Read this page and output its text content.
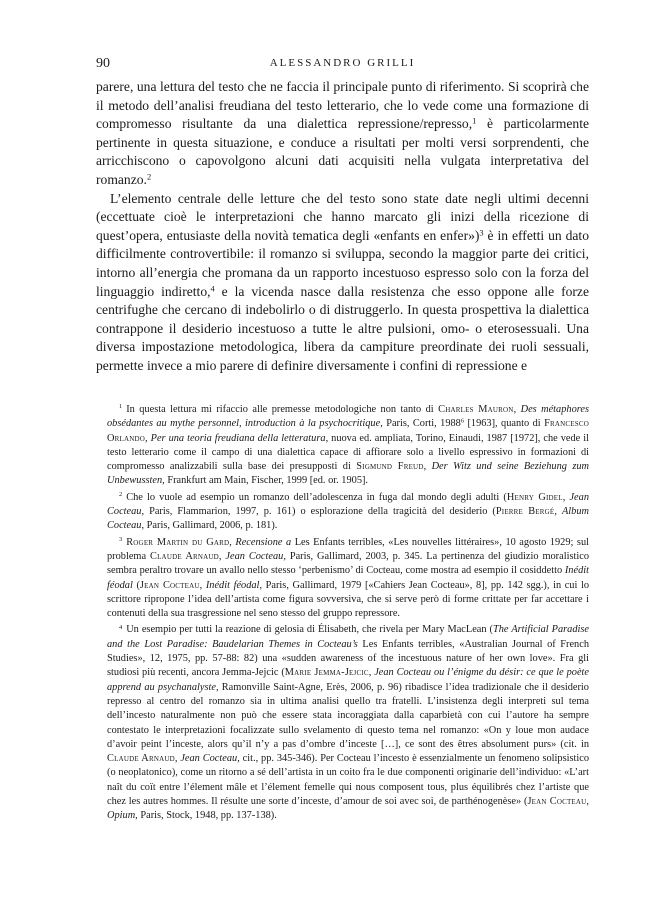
90	ALESSANDRO GRILLI

parere, una lettura del testo che ne faccia il principale punto di riferimento. Si scoprirà che il metodo dell’analisi freudiana del testo letterario, che lo vede come una formazione di compromesso risultante da una dialettica repressione/represso,$^1$ è particolarmente pertinente in questa situazione, e conduce a risultati per molti versi sorprendenti, che arricchiscono o capovolgono alcuni dati acquisiti nella vulgata interpretativa del romanzo.$^2$

L’elemento centrale delle letture che del testo sono state date negli ultimi decenni (eccettuate cioè le interpretazioni che hanno marcato gli inizi della ricezione di quest’opera, entusiaste della novità tematica degli «enfants en enfer»)$^3$ è in effetti un dato difficilmente controvertibile: il romanzo si sviluppa, secondo la maggior parte dei critici, intorno all’energia che promana da un rapporto incestuoso espresso solo con la forza del linguaggio indiretto,$^4$ e la vicenda nasce dalla resistenza che esso oppone alle forze centrifughe che cercano di indebolirlo o di distruggerlo. In questa prospettiva la dialettica contrappone il desiderio incestuoso a tutte le altre pulsioni, omo- o eterosessuali. Una diversa impostazione metodologica, libera da campiture preordinate dei ruoli sessuali, permette invece a mio parere di definire diversamente i confini di repressione e

$^1$ In questa lettura mi rifaccio alle premesse metodologiche non tanto di Charles Mauron, Des métaphores obsédantes au mythe personnel, introduction à la psychocritique, Paris, Corti, 1988$^6$ [1963], quanto di Francesco Orlando, Per una teoria freudiana della letteratura, nuova ed. ampliata, Torino, Einaudi, 1987 [1972], che vede il testo letterario come il campo di una dialettica capace di affiorare solo a livello espressivo in formazioni di compromesso analizzabili sulla base dei presupposti di Sigmund Freud, Der Witz und seine Beziehung zum Unbewussten, Frankfurt am Main, Fischer, 1999 [ed. or. 1905].

$^2$ Che lo vuole ad esempio un romanzo dell’adolescenza in fuga dal mondo degli adulti (Henry Gidel, Jean Cocteau, Paris, Flammarion, 1997, p. 161) o esplorazione della tragicità del desiderio (Pierre Bergé, Album Cocteau, Paris, Gallimard, 2006, p. 181).

$^3$ Roger Martin du Gard, Recensione a Les Enfants terribles, «Les nouvelles littéraires», 10 agosto 1929; sul problema Claude Arnaud, Jean Cocteau, Paris, Gallimard, 2003, p. 345. La pertinenza del giudizio moralistico sembra peraltro trovare un avallo nello stesso ‘perbenismo’ di Cocteau, come mostra ad esempio il cosiddetto Inédit féodal (Jean Cocteau, Inédit féodal, Paris, Gallimard, 1979 [«Cahiers Jean Cocteau», 8], pp. 142 sgg.), in cui lo scrittore ripropone l’idea dell’artista come figura sovversiva, che si serve però di forme crittate per far accettare i contenuti della sua trasgressione nel seno stesso del gruppo repressore.

$^4$ Un esempio per tutti la reazione di gelosia di Élisabeth, che rivela per Mary MacLean (The Artificial Paradise and the Lost Paradise: Baudelarian Themes in Cocteau’s Les Enfants terribles, «Australian Journal of French Studies», 12, 1975, pp. 57-88: 82) una «sudden awareness of the incestuous nature of her own love». Fra gli studiosi più recenti, ancora Jemma-Jejcic (Marie Jemma-Jejcic, Jean Cocteau ou l’énigme du désir: ce que le poète apprend au psychanalyste, Ramonville Saint-Agne, Erès, 2006, p. 96) ribadisce l’idea tradizionale che il desiderio represso al centro del romanzo sia in ultima analisi quello tra fratelli. L’insistenza degli interpreti sul tema dell’incesto naturalmente non può che essere stata incoraggiata dalla caparbietà con cui l’autore ha sempre contestato le interpretazioni focalizzate sullo svelamento di questo tema nel romanzo: «On y loue mon audace d’avoir peint l’inceste, alors qu’il n’y a pas d’ombre d’inceste […], ce sont des êtres absolument purs» (cit. in Claude Arnaud, Jean Cocteau, cit., pp. 345-346). Per Cocteau l’incesto è essenzialmente un fenomeno solipsistico (o neoplatonico), come un ritorno a sé dell’artista in un coito fra le due componenti originarie dell’individuo: «L’art naît du coït entre l’élement mâle et l’élement femelle qui nous composent tous, plus équilibrés chez l’artiste que chez les autres hommes. Il résulte une sorte d’inceste, d’amour de soi avec soi, de parthénogenèse» (Jean Cocteau, Opium, Paris, Stock, 1948, pp. 137-138).
